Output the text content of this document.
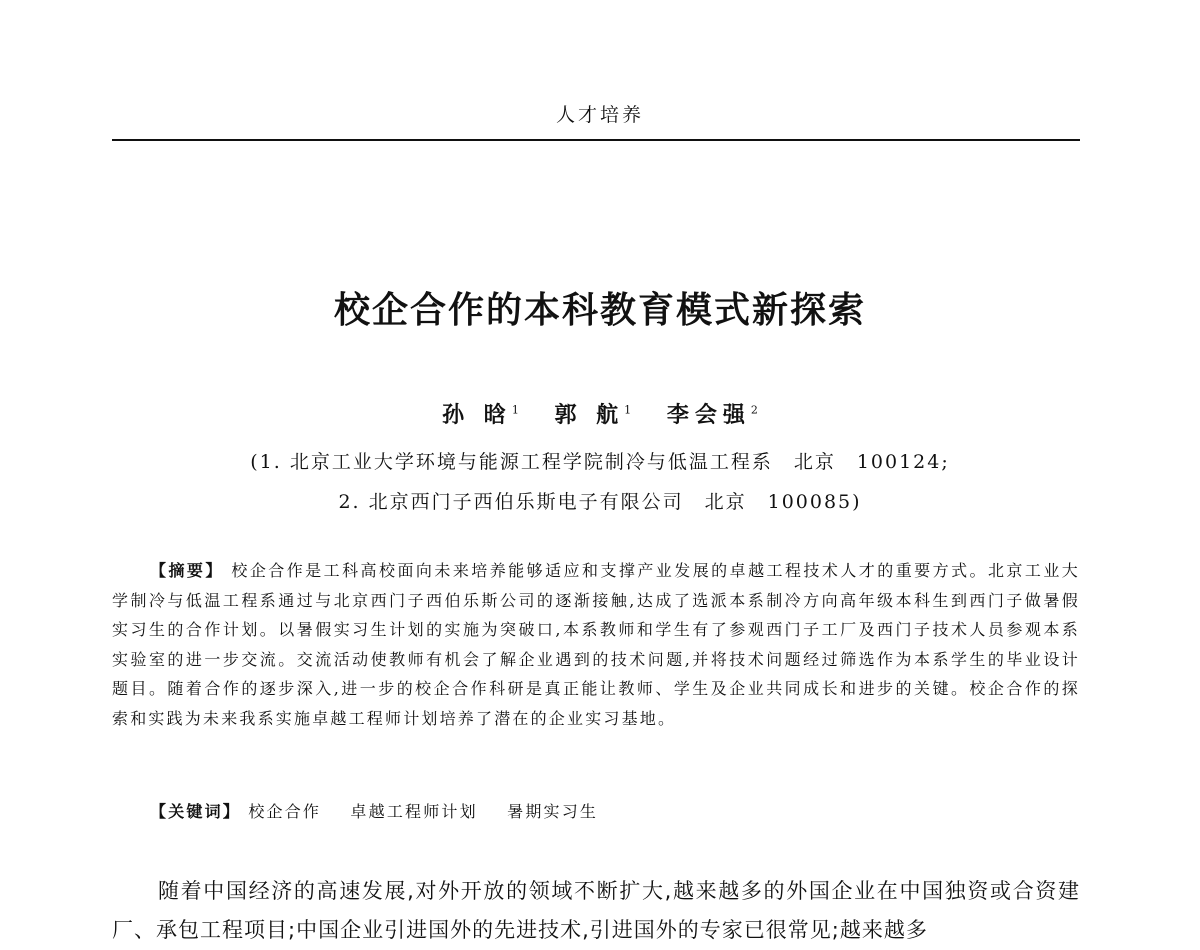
人才培养
校企合作的本科教育模式新探索
孙 晗$^1$ 郭 航$^1$ 李会强$^2$
(1. 北京工业大学环境与能源工程学院制冷与低温工程系　北京　100124;
2. 北京西门子西伯乐斯电子有限公司　北京　100085)
【摘要】 校企合作是工科高校面向未来培养能够适应和支撑产业发展的卓越工程技术人才的重要方式。北京工业大学制冷与低温工程系通过与北京西门子西伯乐斯公司的逐渐接触,达成了选派本系制冷方向高年级本科生到西门子做暑假实习生的合作计划。以暑假实习生计划的实施为突破口,本系教师和学生有了参观西门子工厂及西门子技术人员参观本系实验室的进一步交流。交流活动使教师有机会了解企业遇到的技术问题,并将技术问题经过筛选作为本系学生的毕业设计题目。随着合作的逐步深入,进一步的校企合作科研是真正能让教师、学生及企业共同成长和进步的关键。校企合作的探索和实践为未来我系实施卓越工程师计划培养了潜在的企业实习基地。
【关键词】 校企合作 卓越工程师计划 暑期实习生
随着中国经济的高速发展,对外开放的领域不断扩大,越来越多的外国企业在中国独资或合资建厂、承包工程项目;中国企业引进国外的先进技术,引进国外的专家已很常见;越来越多
